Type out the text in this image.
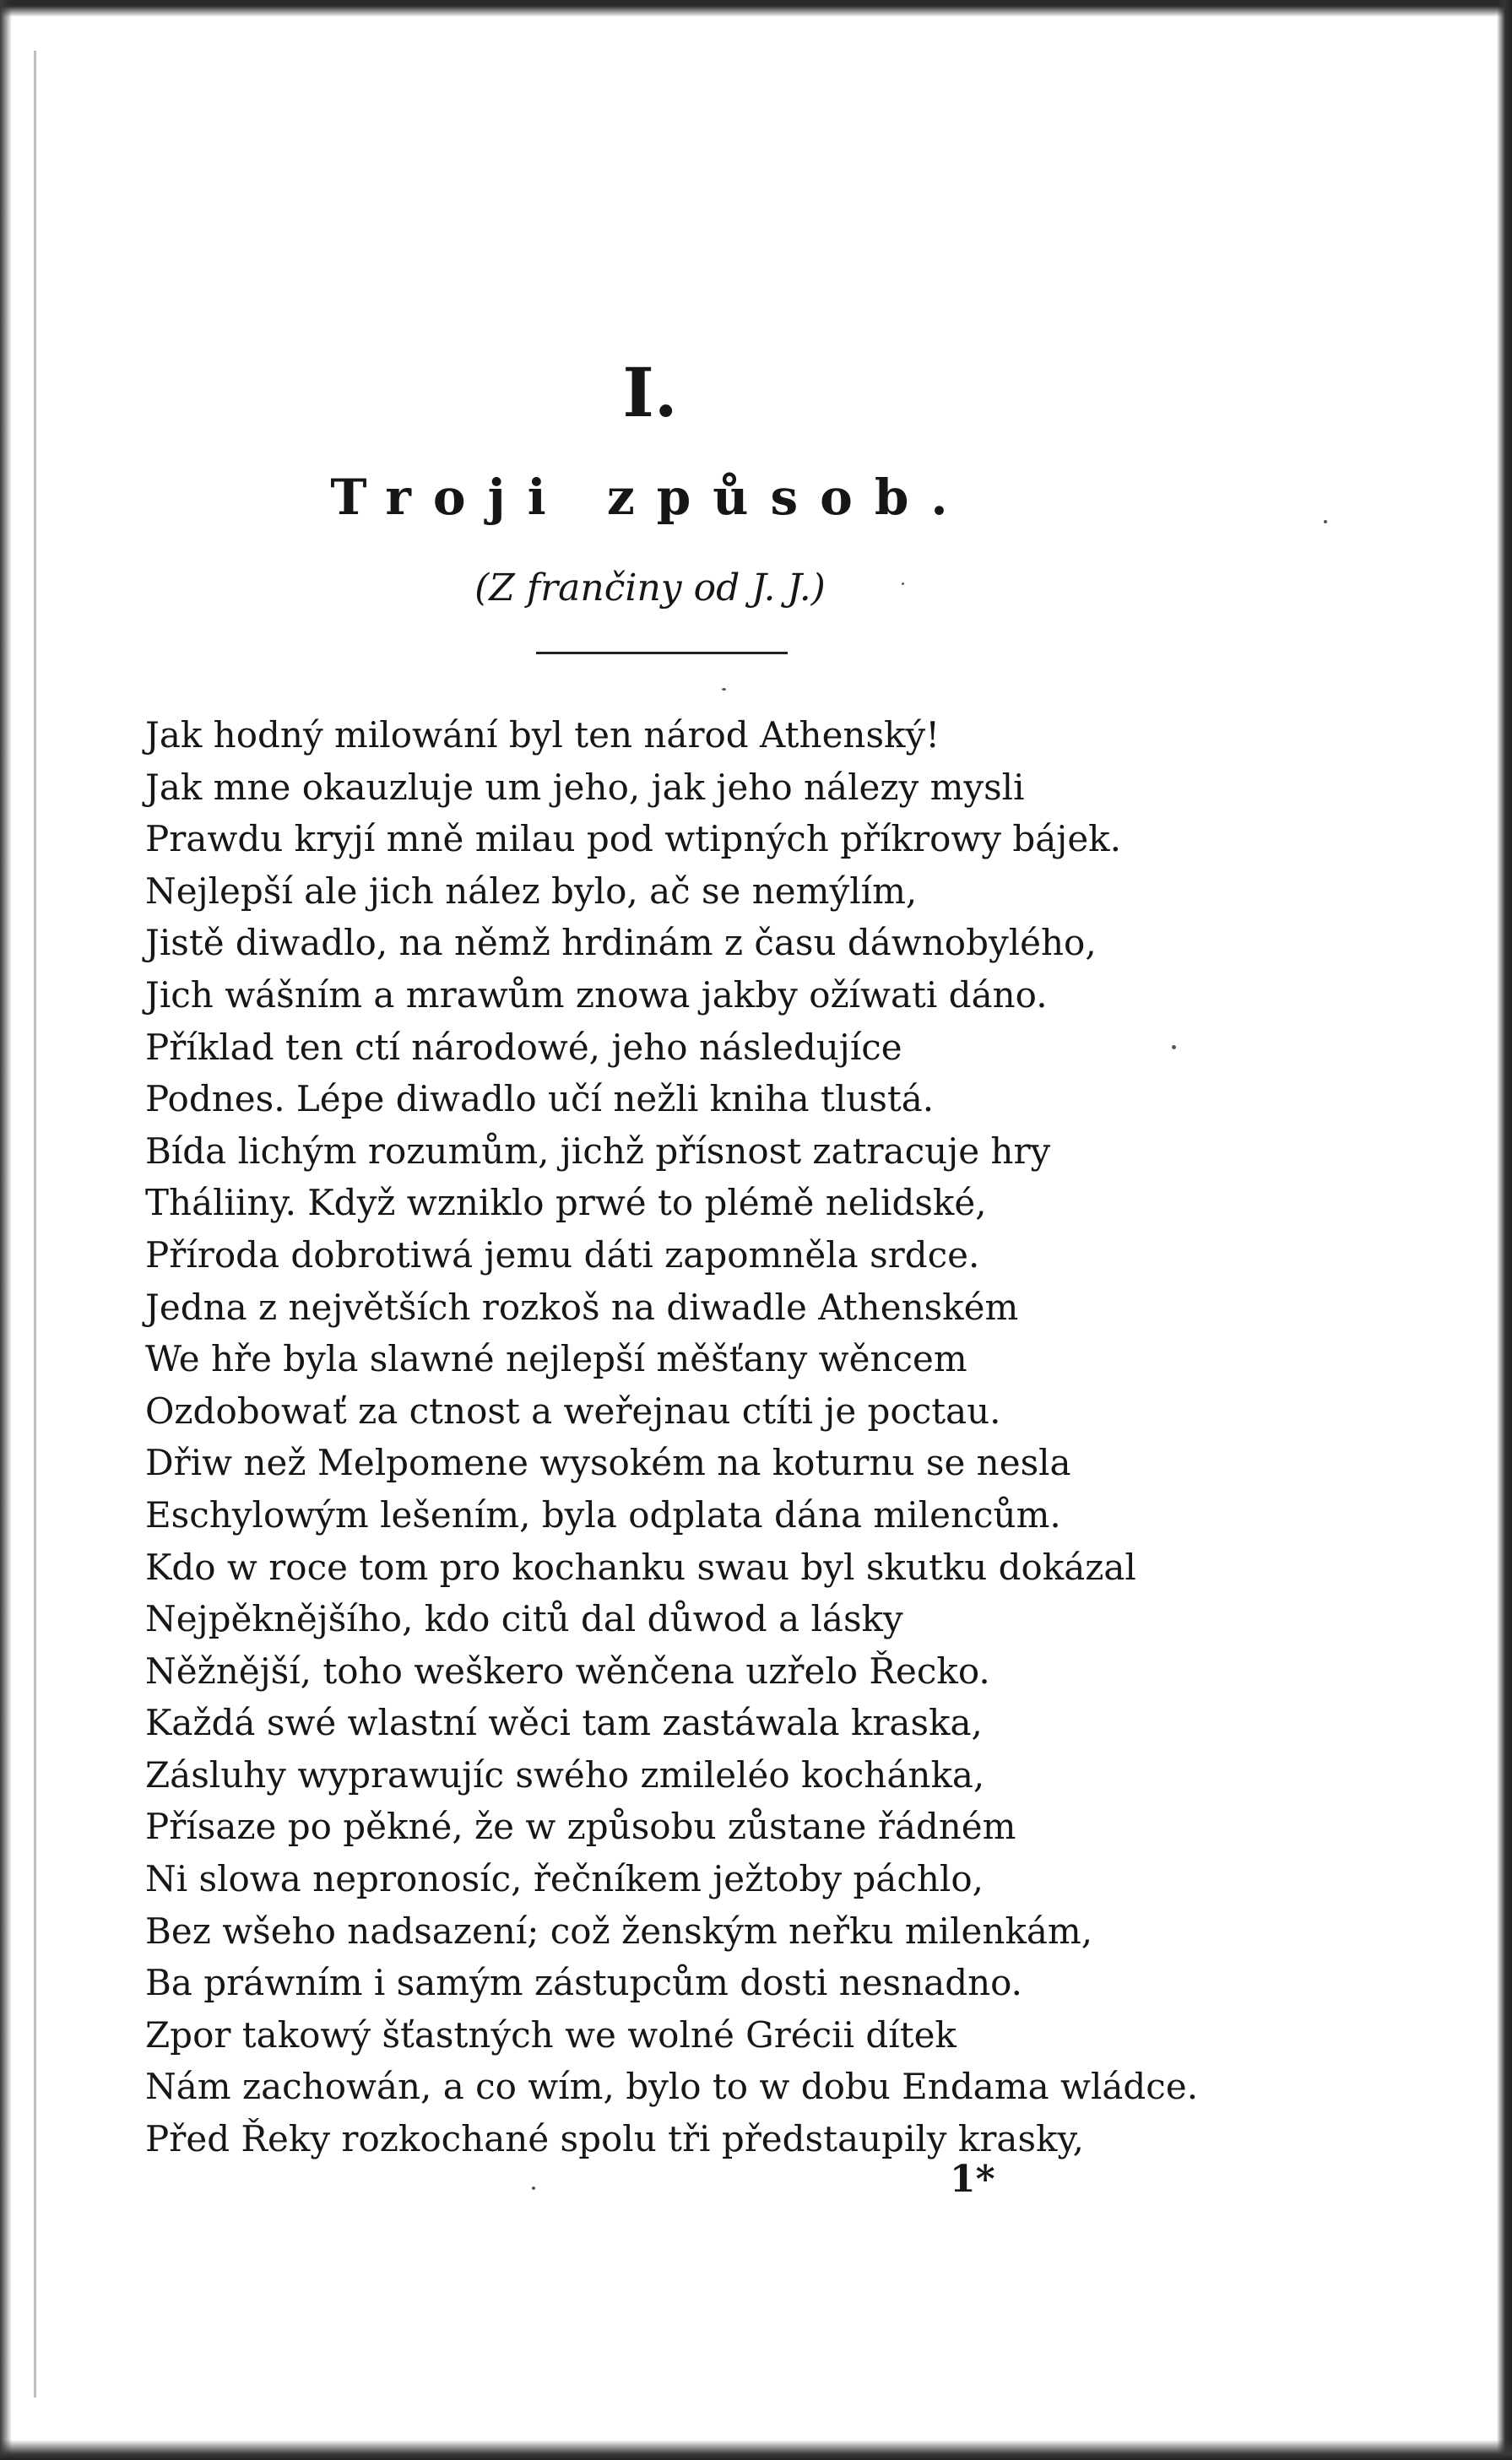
I.
Troji způsob.
(Z frančiny od J. J.)
Jak hodný milowání byl ten národ Athenský!
Jak mne okauzluje um jeho, jak jeho nálezy mysli
Prawdu kryjí mně milau pod wtipných příkrowy bájek.
Nejlepší ale jich nález bylo, ač se nemýlím,
Jistě diwadlo, na němž hrdinám z času dáwnobylého,
Jich wášním a mrawům znowa jakby ožíwati dáno.
Příklad ten ctí národowé, jeho následujíce
Podnes. Lépe diwadlo učí nežli kniha tlustá.
Bída lichým rozumům, jichž přísnost zatracuje hry
Tháliiny. Když wzniklo prwé to plémě nelidské,
Příroda dobrotiwá jemu dáti zapomněla srdce.
Jedna z největších rozkoš na diwadle Athenském
We hře byla slawné nejlepší měšťany wěncem
Ozdobowať za ctnost a weřejnau ctíti je poctau.
Dřiw než Melpomene wysokém na koturnu se nesla
Eschylowým lešením, byla odplata dána milencům.
Kdo w roce tom pro kochanku swau byl skutku dokázal
Nejpěknějšího, kdo citů dal důwod a lásky
Něžnější, toho weškero wěnčena uzřelo Řecko.
Každá swé wlastní wěci tam zastáwala kraska,
Zásluhy wyprawujíc swého zmileléo kochánka,
Přísaze po pěkné, že w způsobu zůstane řádném
Ni slowa nepronosíc, řečníkem ježtoby páchlo,
Bez wšeho nadsazení; což ženským neřku milenkám,
Ba práwním i samým zástupcům dosti nesnadno.
Zpor takowý šťastných we wolné Grécii dítek
Nám zachowán, a co wím, bylo to w dobu Endama wládce.
Před Řeky rozkochané spolu tři předstaupily krasky,
1*
